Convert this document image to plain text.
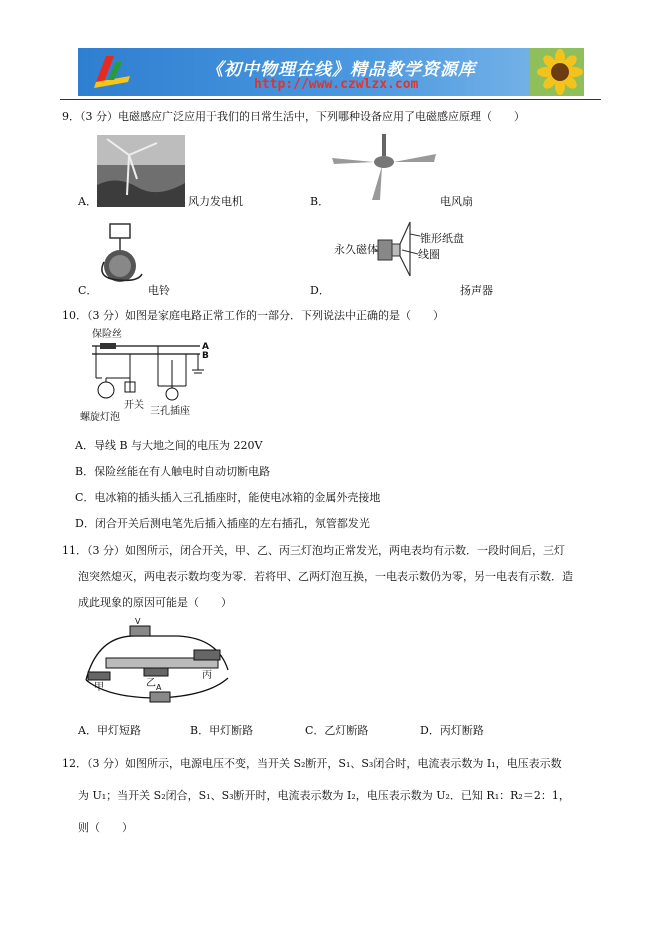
《初中物理在线》精品教学资源库
http://www.czwlzx.com
9．（3 分）电磁感应广泛应用于我们的日常生活中，下列哪种设备应用了电磁感应原理（　　）
A．	风力发电机	B．	电风扇
C．	电铃
永久磁体
锥形纸盘
线圈
D．	扬声器
10．（3 分）如图是家庭电路正常工作的一部分．下列说法中正确的是（　　）
保险丝
A
B
开关
螺旋灯泡
三孔插座
A．导线 B 与大地之间的电压为 220V
B．保险丝能在有人触电时自动切断电路
C．电冰箱的插头插入三孔插座时，能使电冰箱的金属外壳接地
D．闭合开关后测电笔先后插入插座的左右插孔，氖管都发光
11．（3 分）如图所示，闭合开关，甲、乙、丙三灯泡均正常发光，两电表均有示数．一段时间后，三灯
泡突然熄灭，两电表示数均变为零．若将甲、乙两灯泡互换，一电表示数仍为零，另一电表有示数．造
成此现象的原因可能是（　　）
V
A
甲	乙
丙
A．甲灯短路	B．甲灯断路	C．乙灯断路	D．丙灯断路
12．（3 分）如图所示，电源电压不变，当开关 S₂断开，S₁、S₃闭合时，电流表示数为 I₁，电压表示数
为 U₁；当开关 S₂闭合，S₁、S₃断开时，电流表示数为 I₂，电压表示数为 U₂．已知 R₁：R₂＝2：1，
则（　　）
